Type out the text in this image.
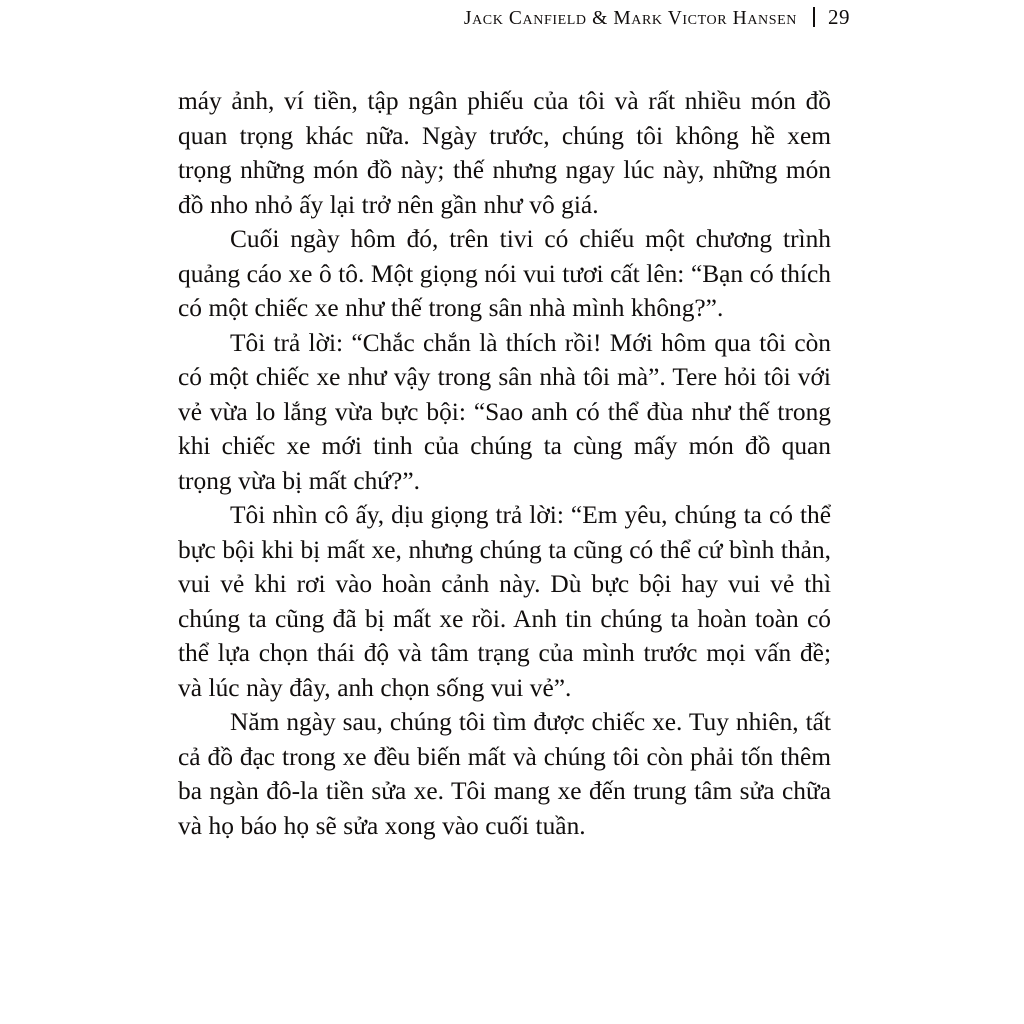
Jack Canfield & Mark Victor Hansen 29

máy ảnh, ví tiền, tập ngân phiếu của tôi và rất nhiều món đồ quan trọng khác nữa. Ngày trước, chúng tôi không hề xem trọng những món đồ này; thế nhưng ngay lúc này, những món đồ nho nhỏ ấy lại trở nên gần như vô giá.

Cuối ngày hôm đó, trên tivi có chiếu một chương trình quảng cáo xe ô tô. Một giọng nói vui tươi cất lên: “Bạn có thích có một chiếc xe như thế trong sân nhà mình không?”.

Tôi trả lời: “Chắc chắn là thích rồi! Mới hôm qua tôi còn có một chiếc xe như vậy trong sân nhà tôi mà”. Tere hỏi tôi với vẻ vừa lo lắng vừa bực bội: “Sao anh có thể đùa như thế trong khi chiếc xe mới tinh của chúng ta cùng mấy món đồ quan trọng vừa bị mất chứ?”.

Tôi nhìn cô ấy, dịu giọng trả lời: “Em yêu, chúng ta có thể bực bội khi bị mất xe, nhưng chúng ta cũng có thể cứ bình thản, vui vẻ khi rơi vào hoàn cảnh này. Dù bực bội hay vui vẻ thì chúng ta cũng đã bị mất xe rồi. Anh tin chúng ta hoàn toàn có thể lựa chọn thái độ và tâm trạng của mình trước mọi vấn đề; và lúc này đây, anh chọn sống vui vẻ”.

Năm ngày sau, chúng tôi tìm được chiếc xe. Tuy nhiên, tất cả đồ đạc trong xe đều biến mất và chúng tôi còn phải tốn thêm ba ngàn đô-la tiền sửa xe. Tôi mang xe đến trung tâm sửa chữa và họ báo họ sẽ sửa xong vào cuối tuần.
